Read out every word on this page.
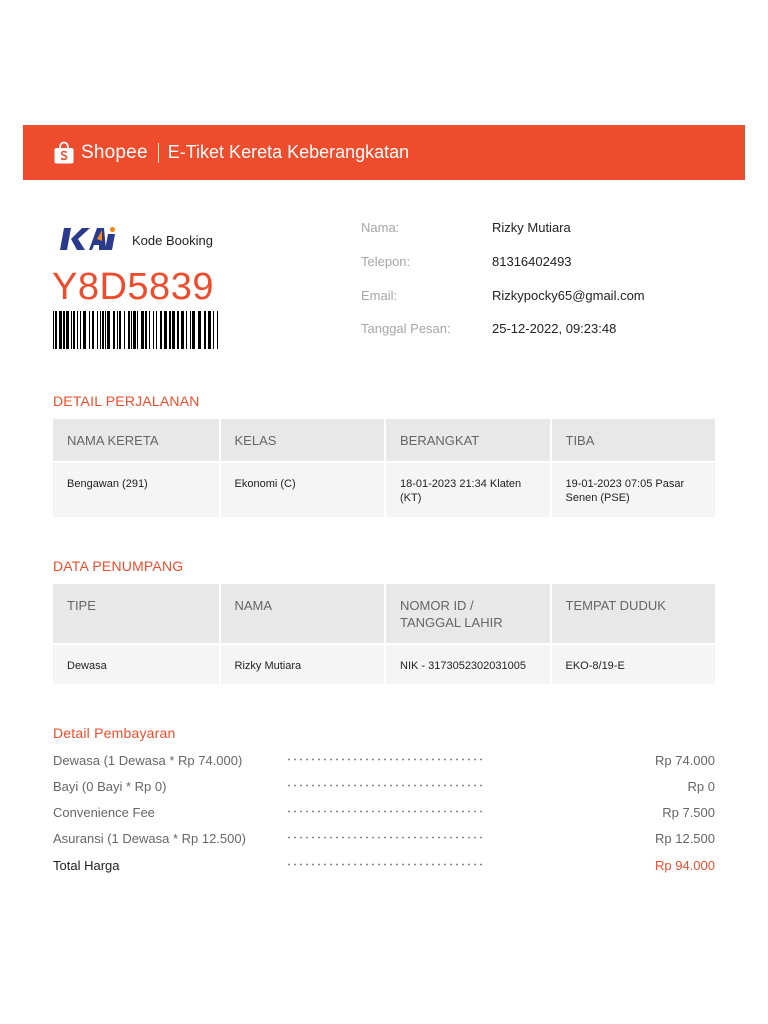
Shopee E-Tiket Kereta Keberangkatan
Kode Booking
Y8D5839
Nama:	Rizky Mutiara
Telepon:	81316402493
Email:	Rizkypocky65@gmail.com
Tanggal Pesan:	25-12-2022, 09:23:48
DETAIL PERJALANAN
NAMA KERETA	KELAS	BERANGKAT	TIBA
Bengawan (291)	Ekonomi (C)	18-01-2023 21:34 Klaten (KT)	19-01-2023 07:05 Pasar Senen (PSE)
DATA PENUMPANG
TIPE	NAMA	NOMOR ID / TANGGAL LAHIR	TEMPAT DUDUK
Dewasa	Rizky Mutiara	NIK - 3173052302031005	EKO-8/19-E
Detail Pembayaran
Dewasa (1 Dewasa * Rp 74.000)	Rp 74.000
Bayi (0 Bayi * Rp 0)	Rp 0
Convenience Fee	Rp 7.500
Asuransi (1 Dewasa * Rp 12.500)	Rp 12.500
Total Harga	Rp 94.000
